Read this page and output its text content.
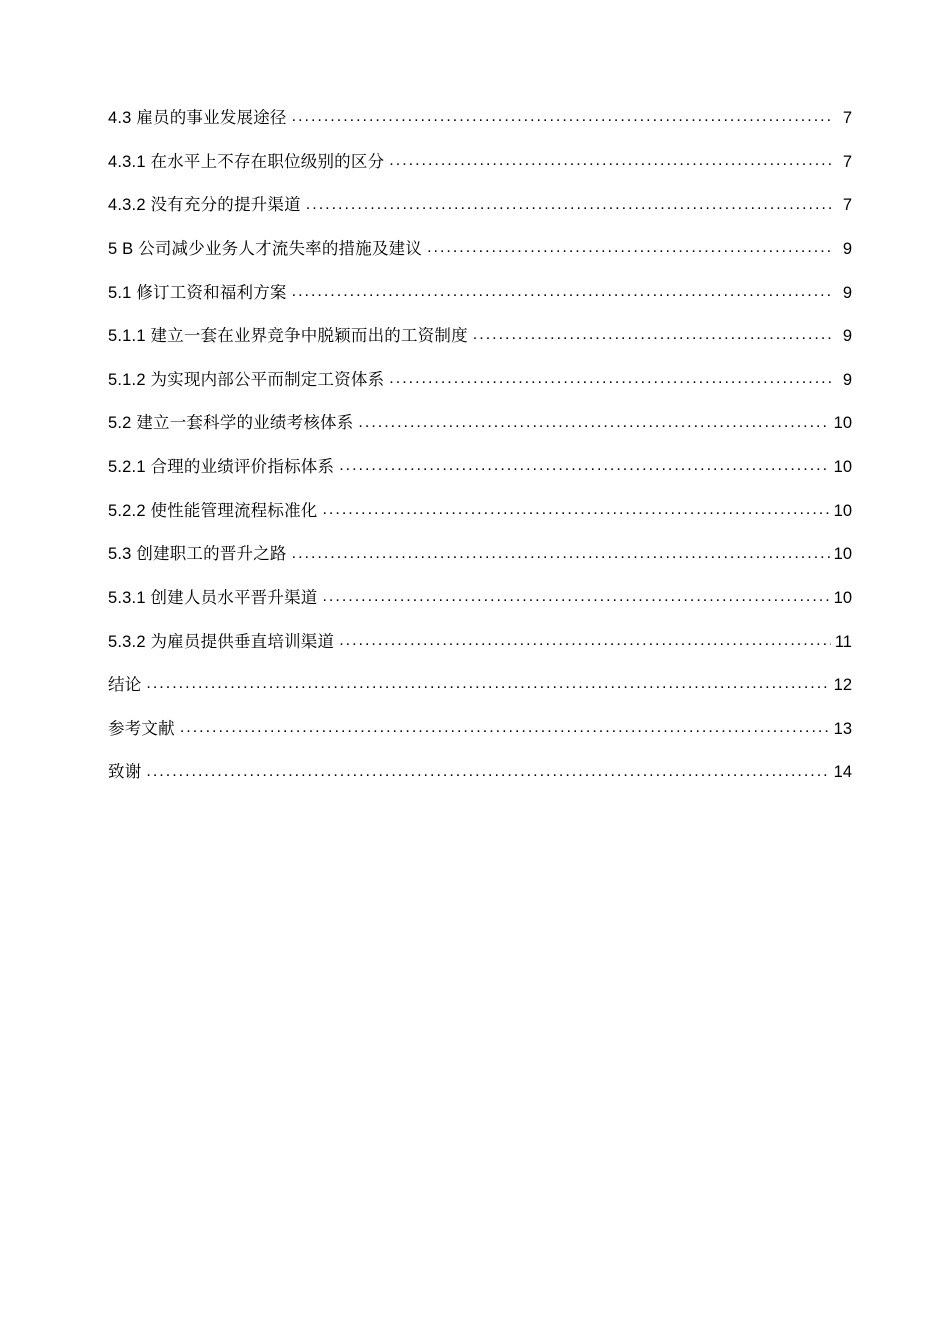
4.3 雇员的事业发展途径 .....	7
4.3.1 在水平上不存在职位级别的区分 .....	7
4.3.2 没有充分的提升渠道 .....	7
5 B 公司减少业务人才流失率的措施及建议 .....	9
5.1 修订工资和福利方案 .....	9
5.1.1 建立一套在业界竞争中脱颖而出的工资制度 .....	9
5.1.2 为实现内部公平而制定工资体系 .....	9
5.2 建立一套科学的业绩考核体系 .....	10
5.2.1 合理的业绩评价指标体系 .....	10
5.2.2 使性能管理流程标准化 .....	10
5.3 创建职工的晋升之路 .....	10
5.3.1 创建人员水平晋升渠道 .....	10
5.3.2 为雇员提供垂直培训渠道 .....	11
结论 .....	12
参考文献 .....	13
致谢 .....	14
